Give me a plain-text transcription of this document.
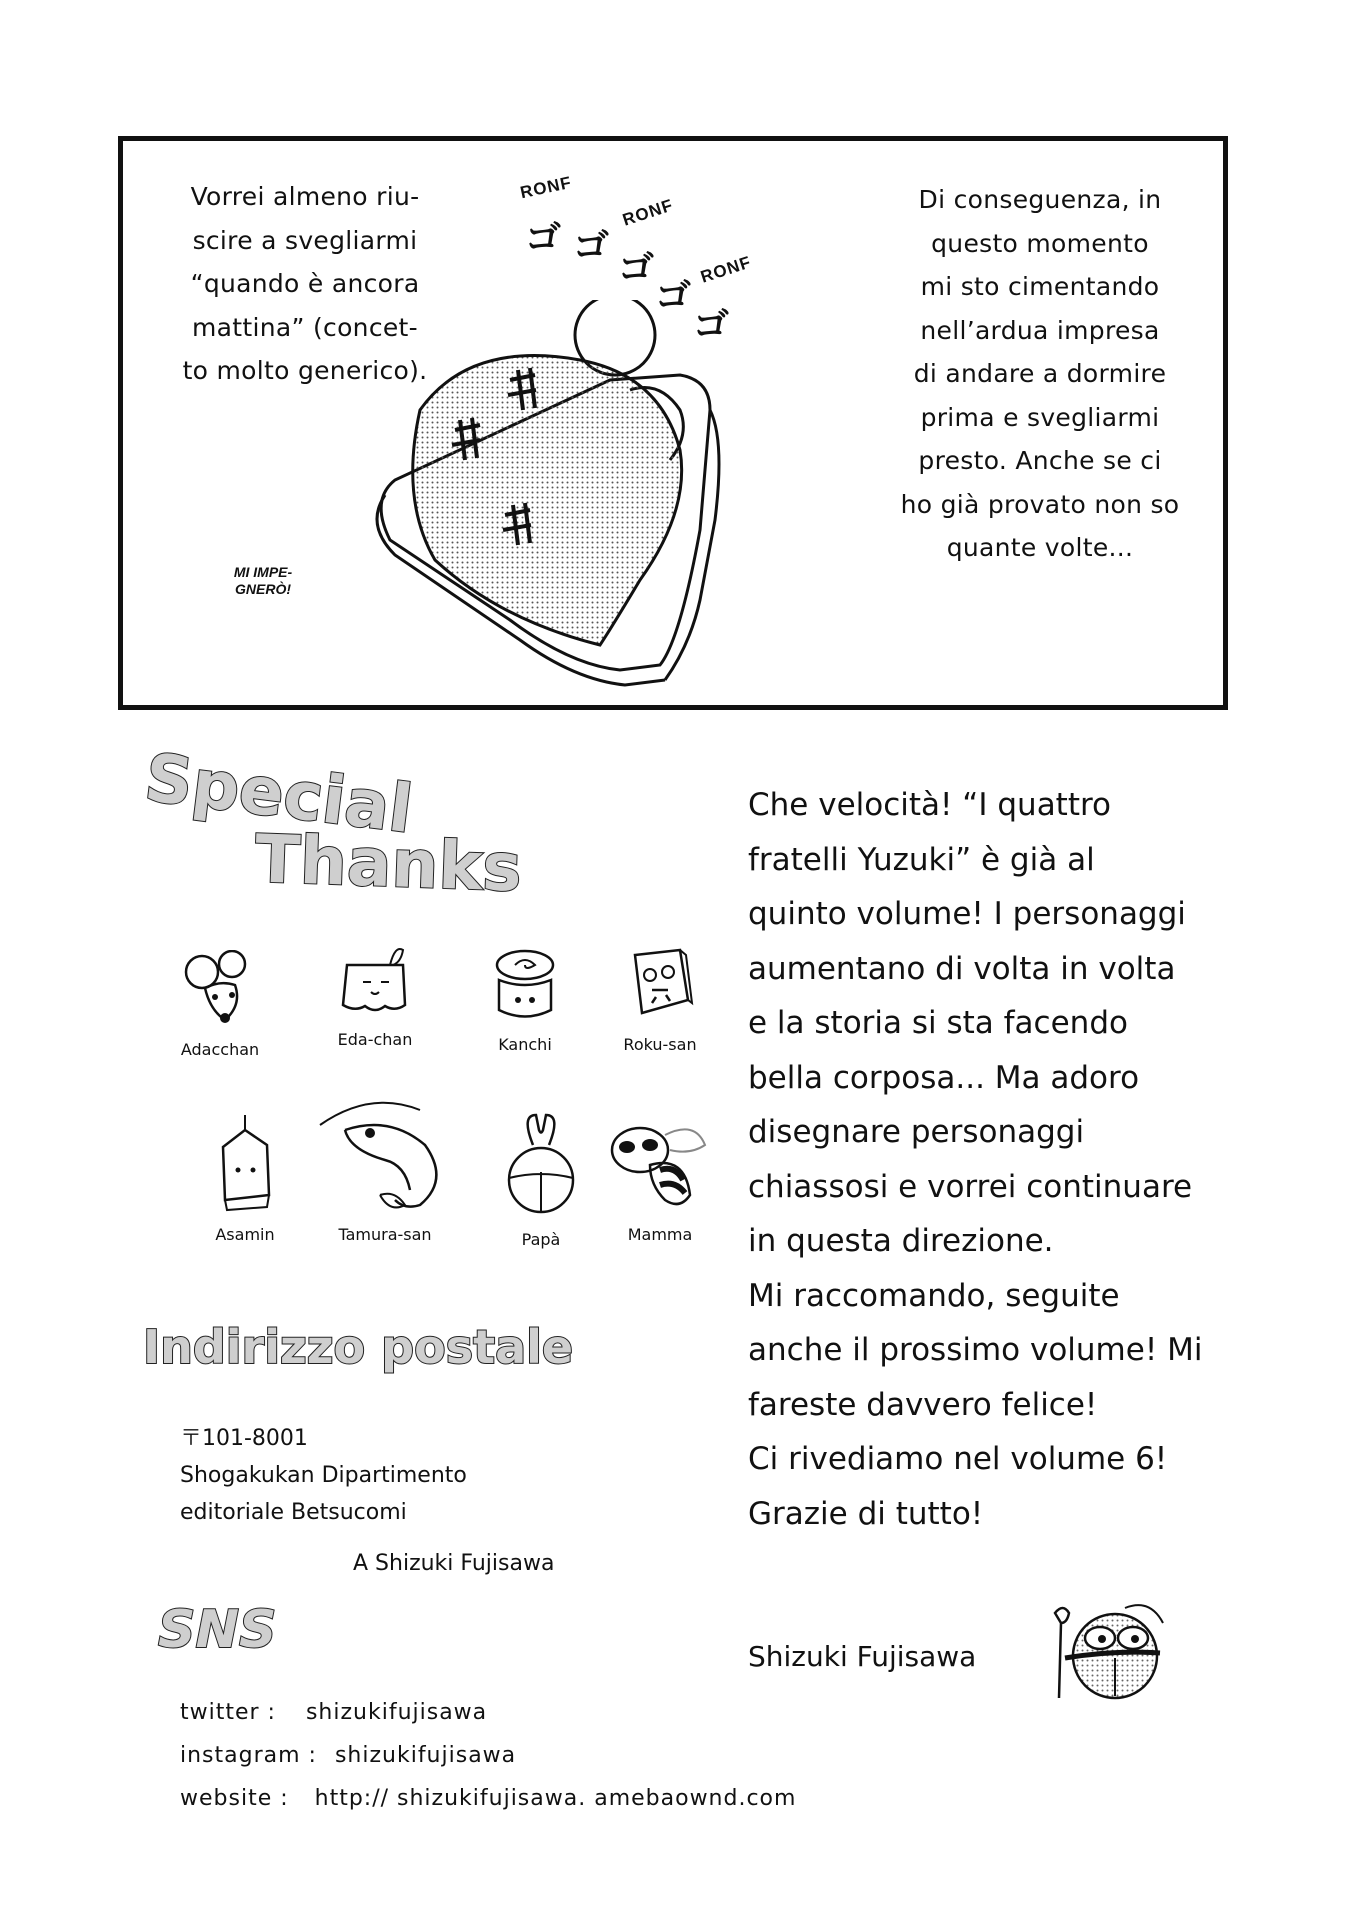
Vorrei almeno riu-
scire a svegliarmi
“quando è ancora
mattina” (concet-
to molto generico).
Di conseguenza, in
questo momento
mi sto cimentando
nell’ardua impresa
di andare a dormire
prima e svegliarmi
presto. Anche se ci
ho già provato non so
quante volte...
RONF
RONF
RONF
ゴ ゴ
ゴ
ゴ
ゴ
MI IMPE-
GNERÒ!
Special
Thanks
Adacchan
Eda-chan	Kanchi	Roku-san
Asamin	Tamura-san	Papà	Mamma
Indirizzo postale
〒101-8001
Shogakukan Dipartimento
editoriale Betsucomi
A Shizuki Fujisawa
SNS
twitter : shizukifujisawa
instagram : shizukifujisawa
website : http:// shizukifujisawa. amebaownd.com
Che velocità! “I quattro
fratelli Yuzuki” è già al
quinto volume! I personaggi
aumentano di volta in volta
e la storia si sta facendo
bella corposa... Ma adoro
disegnare personaggi
chiassosi e vorrei continuare
in questa direzione.
Mi raccomando, seguite
anche il prossimo volume! Mi
fareste davvero felice!
Ci rivediamo nel volume 6!
Grazie di tutto!
Shizuki Fujisawa
